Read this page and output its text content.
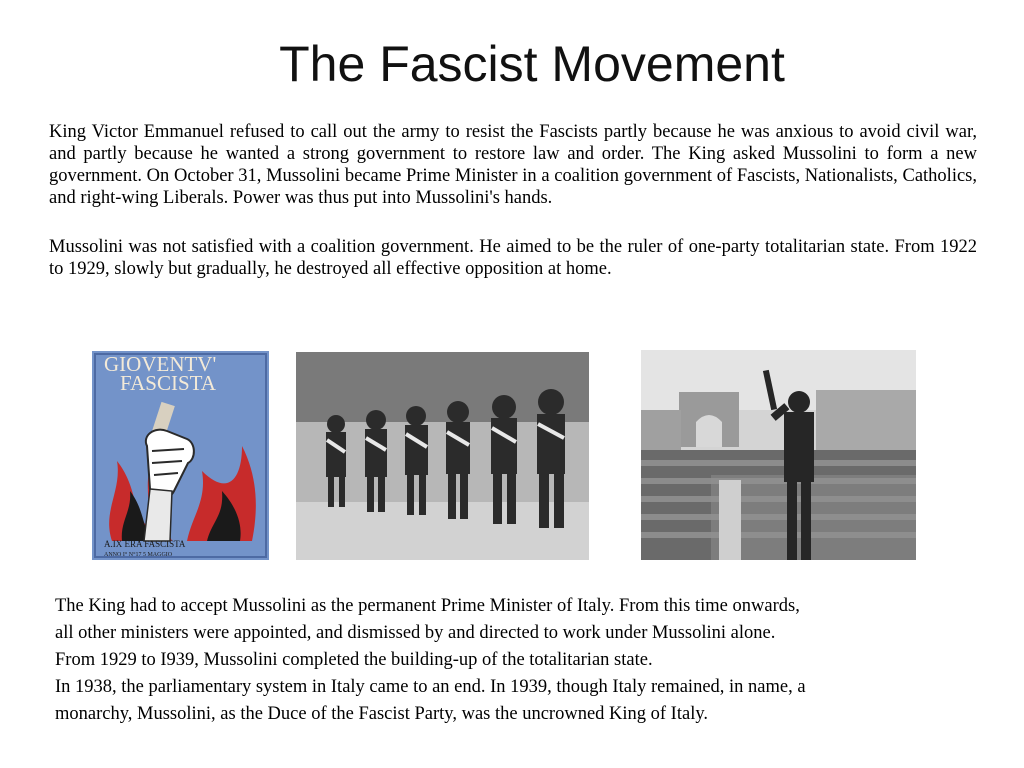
The Fascist Movement

King Victor Emmanuel refused to call out the army to resist the Fascists partly because he was anxious to avoid civil war, and partly because he wanted a strong government to restore law and order. The King asked Mussolini to form a new government. On October 31, Mussolini became Prime Minister in a coalition government of Fascists, Nationalists, Catholics, and right-wing Liberals. Power was thus put into Mussolini's hands.

Mussolini was not satisfied with a coalition government. He aimed to be the ruler of one-party totalitarian state. From 1922 to 1929, slowly but gradually, he destroyed all effective opposition at home.

GIOVENTV'
FASCISTA
A.IX ERA FASCISTA
ANNO I° N°17 5 MAGGIO

The King had to accept Mussolini as the permanent Prime Minister of Italy. From this time onwards,

all other ministers were appointed, and dismissed by and directed to work under Mussolini alone.

From 1929 to I939, Mussolini completed the building-up of the totalitarian state.

In 1938, the parliamentary system in Italy came to an end. In 1939, though Italy remained, in name, a

monarchy, Mussolini, as the Duce of the Fascist Party, was the uncrowned King of Italy.
